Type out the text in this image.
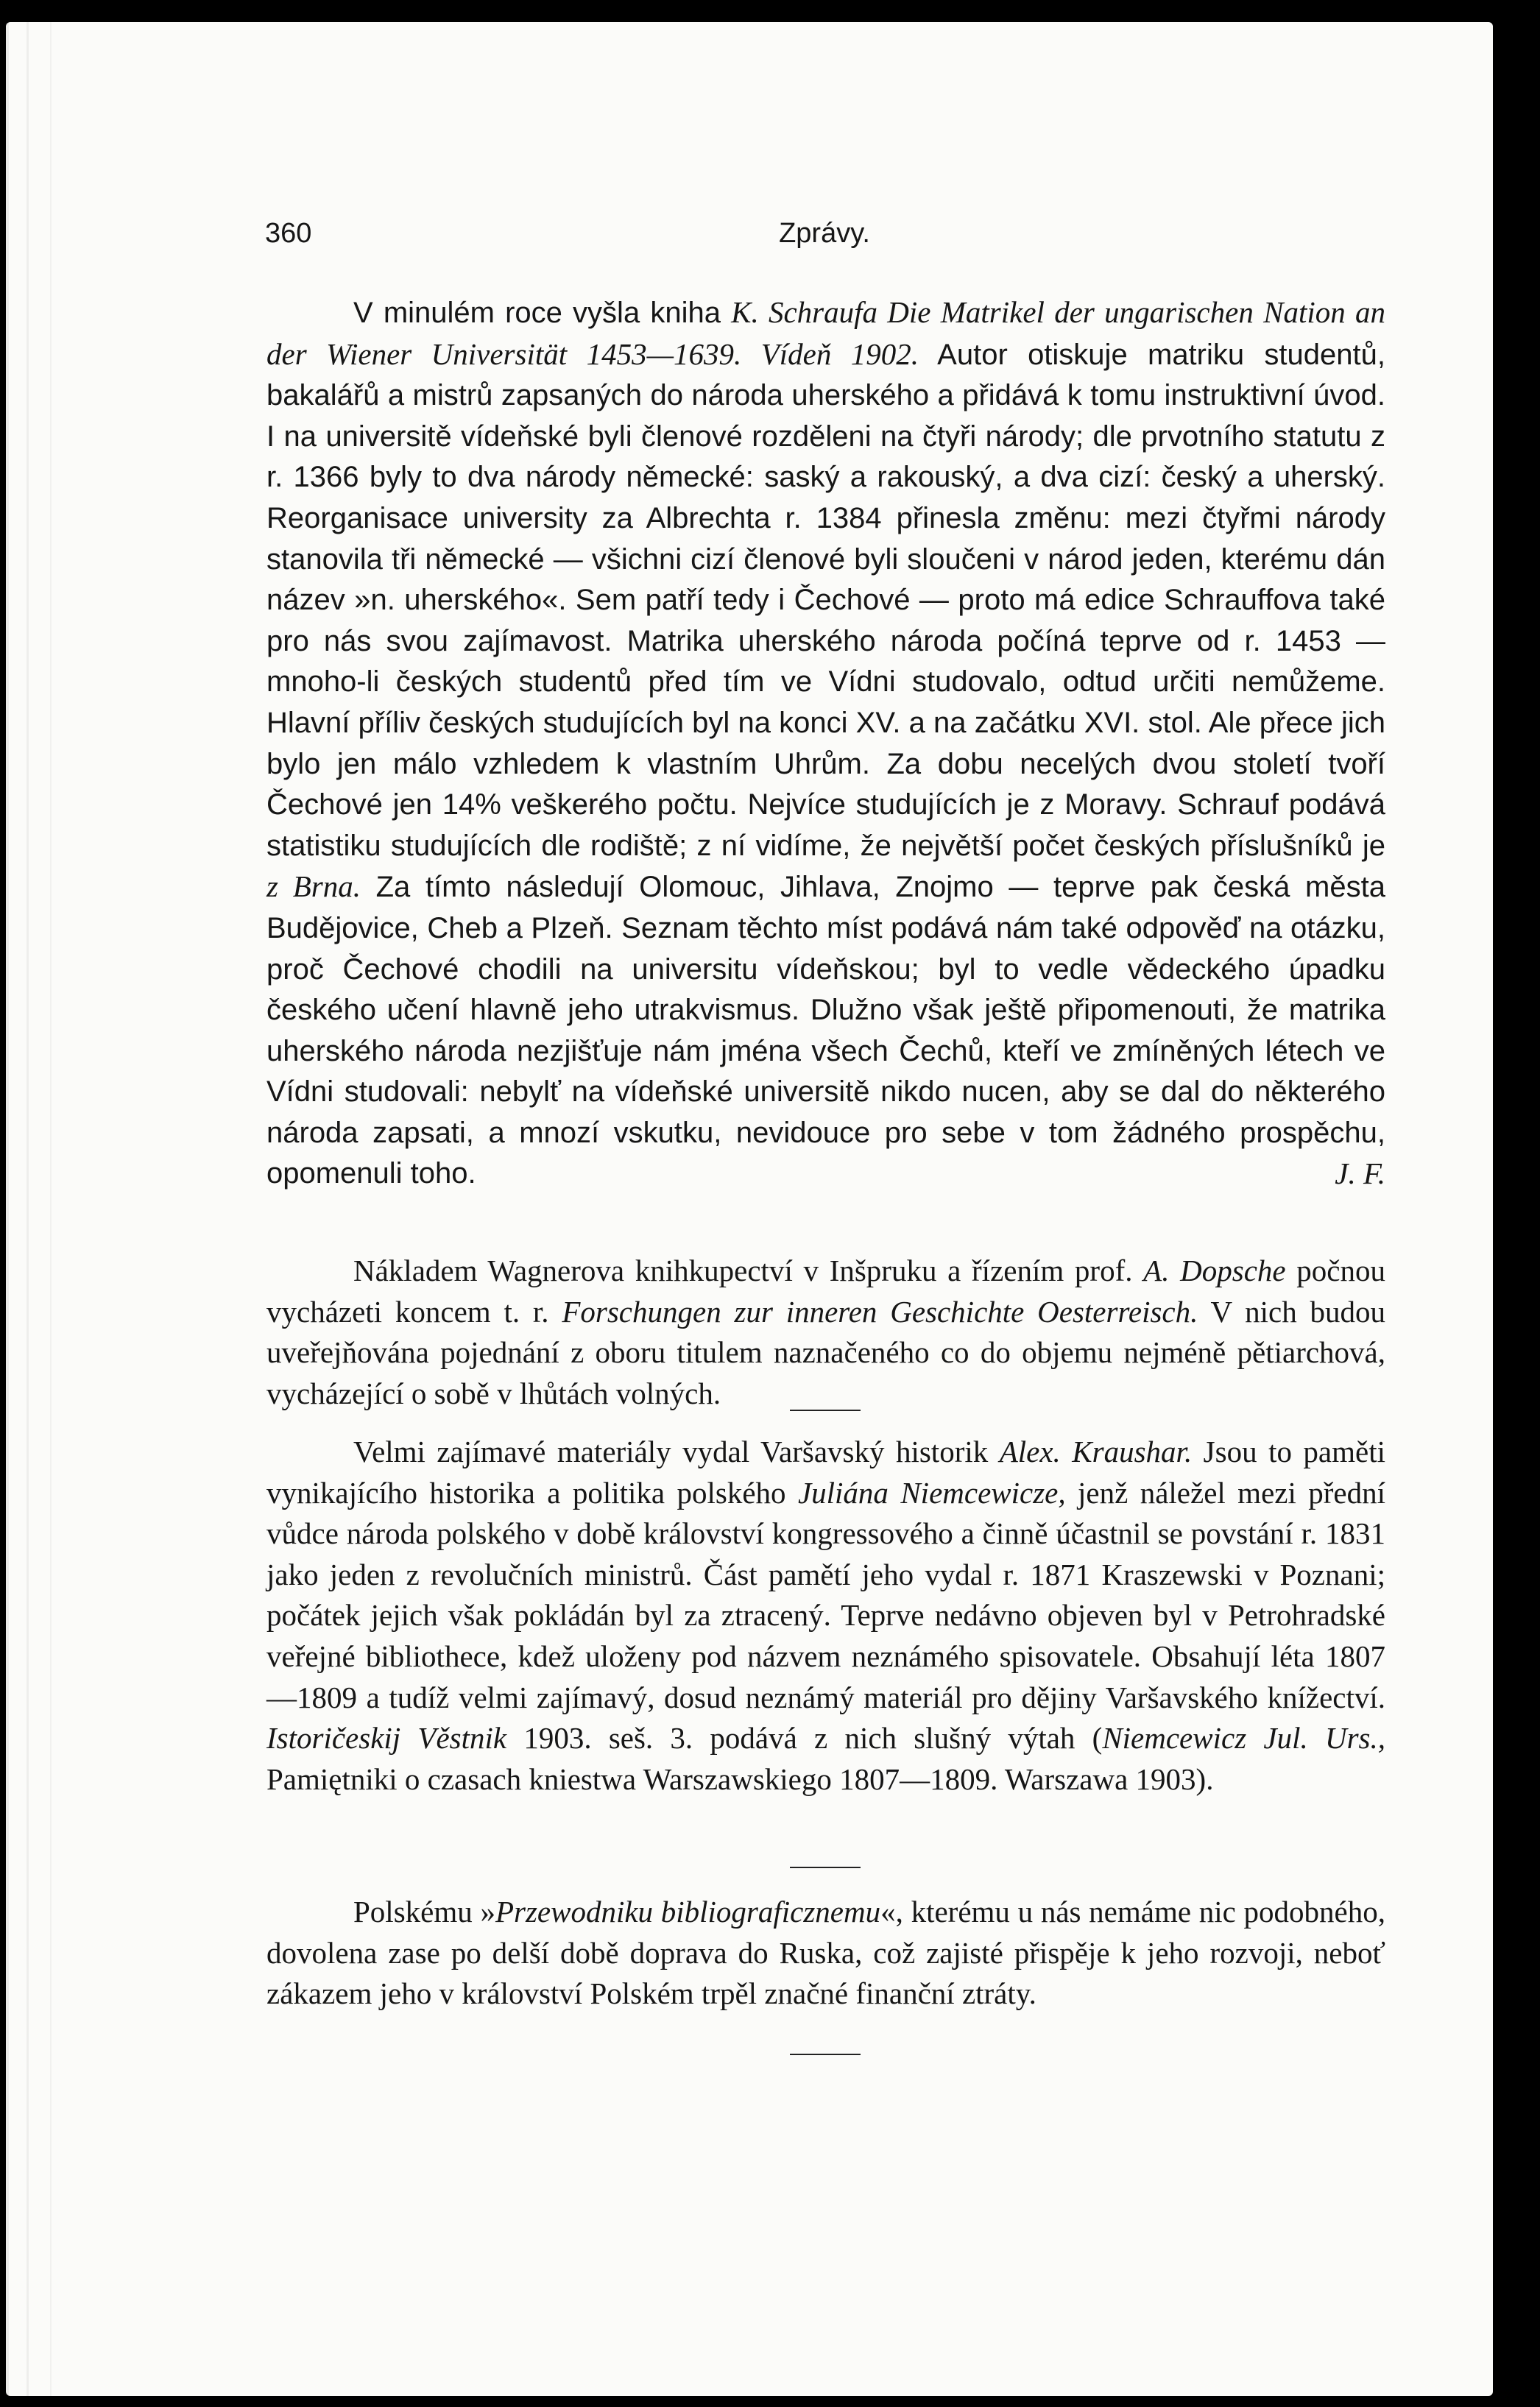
360	Zprávy.

V minulém roce vyšla kniha K. Schraufa Die Matrikel der ungarischen Nation an der Wiener Universität 1453—1639. Vídeň 1902. Autor otiskuje matriku studentů, bakalářů a mistrů zapsaných do národa uherského a přidává k tomu instruktivní úvod. I na universitě vídeňské byli členové rozděleni na čtyři národy; dle prvotního statutu z r. 1366 byly to dva národy německé: saský a rakouský, a dva cizí: český a uherský. Reorganisace university za Albrechta r. 1384 přinesla změnu: mezi čtyřmi národy stanovila tři německé — všichni cizí členové byli sloučeni v národ jeden, kterému dán název »n. uherského«. Sem patří tedy i Čechové — proto má edice Schrauffova také pro nás svou zajímavost. Matrika uherského národa počíná teprve od r. 1453 — mnoho-li českých studentů před tím ve Vídni studovalo, odtud určiti nemůžeme. Hlavní příliv českých studujících byl na konci XV. a na začátku XVI. stol. Ale přece jich bylo jen málo vzhledem k vlastním Uhrům. Za dobu necelých dvou století tvoří Čechové jen 14% veškerého počtu. Nejvíce studujících je z Moravy. Schrauf podává statistiku studujících dle rodiště; z ní vidíme, že největší počet českých příslušníků je z Brna. Za tímto následují Olomouc, Jihlava, Znojmo — teprve pak česká města Budějovice, Cheb a Plzeň. Seznam těchto míst podává nám také odpověď na otázku, proč Čechové chodili na universitu vídeňskou; byl to vedle vědeckého úpadku českého učení hlavně jeho utrakvismus. Dlužno však ještě připomenouti, že matrika uherského národa nezjišťuje nám jména všech Čechů, kteří ve zmíněných létech ve Vídni studovali: nebylť na vídeňské universitě nikdo nucen, aby se dal do některého národa zapsati, a mnozí vskutku, nevidouce pro sebe v tom žádného prospěchu, opomenuli toho.	J. F.

Nákladem Wagnerova knihkupectví v Inšpruku a řízením prof. A. Dopsche počnou vycházeti koncem t. r. Forschungen zur inneren Geschichte Oesterreisch. V nich budou uveřejňována pojednání z oboru titulem naznačeného co do objemu nejméně pětiarchová, vycházející o sobě v lhůtách volných.

Velmi zajímavé materiály vydal Varšavský historik Alex. Kraushar. Jsou to paměti vynikajícího historika a politika polského Juliána Niemcewicze, jenž náležel mezi přední vůdce národa polského v době království kongressového a činně účastnil se povstání r. 1831 jako jeden z revolučních ministrů. Část pamětí jeho vydal r. 1871 Kraszewski v Poznani; počátek jejich však pokládán byl za ztracený. Teprve nedávno objeven byl v Petrohradské veřejné bibliothece, kdež uloženy pod názvem neznámého spisovatele. Obsahují léta 1807—1809 a tudíž velmi zajímavý, dosud neznámý materiál pro dějiny Varšavského knížectví. Istoričeskij Věstnik 1903. seš. 3. podává z nich slušný výtah (Niemcewicz Jul. Urs., Pamiętniki o czasach kniestwa Warszawskiego 1807—1809. Warszawa 1903).

Polskému »Przewodniku bibliograficznemu«, kterému u nás nemáme nic podobného, dovolena zase po delší době doprava do Ruska, což zajisté přispěje k jeho rozvoji, neboť zákazem jeho v království Polském trpěl značné finanční ztráty.
